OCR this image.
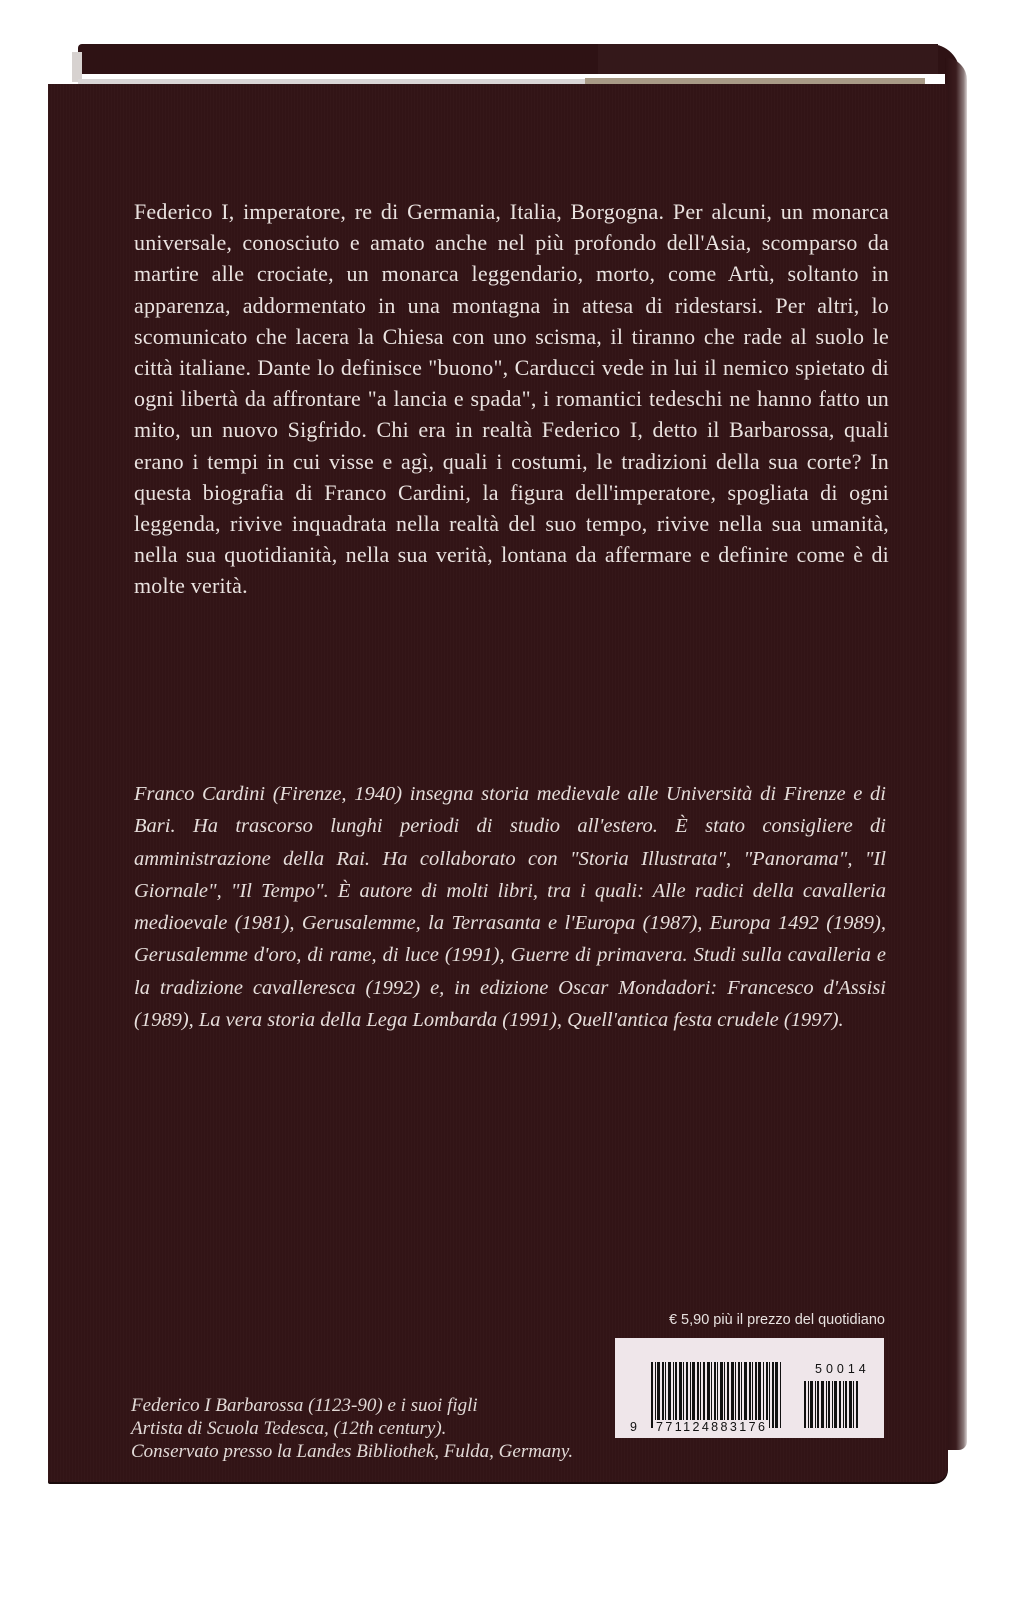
Federico I, imperatore, re di Germania, Italia, Borgogna. Per alcuni, un monarca universale, conosciuto e amato anche nel più profondo dell'Asia, scomparso da martire alle crociate, un monarca leggendario, morto, come Artù, soltanto in apparenza, addormentato in una montagna in attesa di ridestarsi. Per altri, lo scomunicato che lacera la Chiesa con uno scisma, il tiranno che rade al suolo le città italiane. Dante lo definisce "buono", Carducci vede in lui il nemico spietato di ogni libertà da affrontare "a lancia e spada", i romantici tedeschi ne hanno fatto un mito, un nuovo Sigfrido. Chi era in realtà Federico I, detto il Barbarossa, quali erano i tempi in cui visse e agì, quali i costumi, le tradizioni della sua corte? In questa biografia di Franco Cardini, la figura dell'imperatore, spogliata di ogni leggenda, rivive inquadrata nella realtà del suo tempo, rivive nella sua umanità, nella sua quotidianità, nella sua verità, lontana da affermare e definire come è di molte verità.

Franco Cardini (Firenze, 1940) insegna storia medievale alle Università di Firenze e di Bari. Ha trascorso lunghi periodi di studio all'estero. È stato consigliere di amministrazione della Rai. Ha collaborato con "Storia Illustrata", "Panorama", "Il Giornale", "Il Tempo". È autore di molti libri, tra i quali: Alle radici della cavalleria medioevale (1981), Gerusalemme, la Terrasanta e l'Europa (1987), Europa 1492 (1989), Gerusalemme d'oro, di rame, di luce (1991), Guerre di primavera. Studi sulla cavalleria e la tradizione cavalleresca (1992) e, in edizione Oscar Mondadori: Francesco d'Assisi (1989), La vera storia della Lega Lombarda (1991), Quell'antica festa crudele (1997).

€ 5,90 più il prezzo del quotidiano
9 771124883176
50014
Federico I Barbarossa (1123-90) e i suoi figli
Artista di Scuola Tedesca, (12th century).
Conservato presso la Landes Bibliothek, Fulda, Germany.
